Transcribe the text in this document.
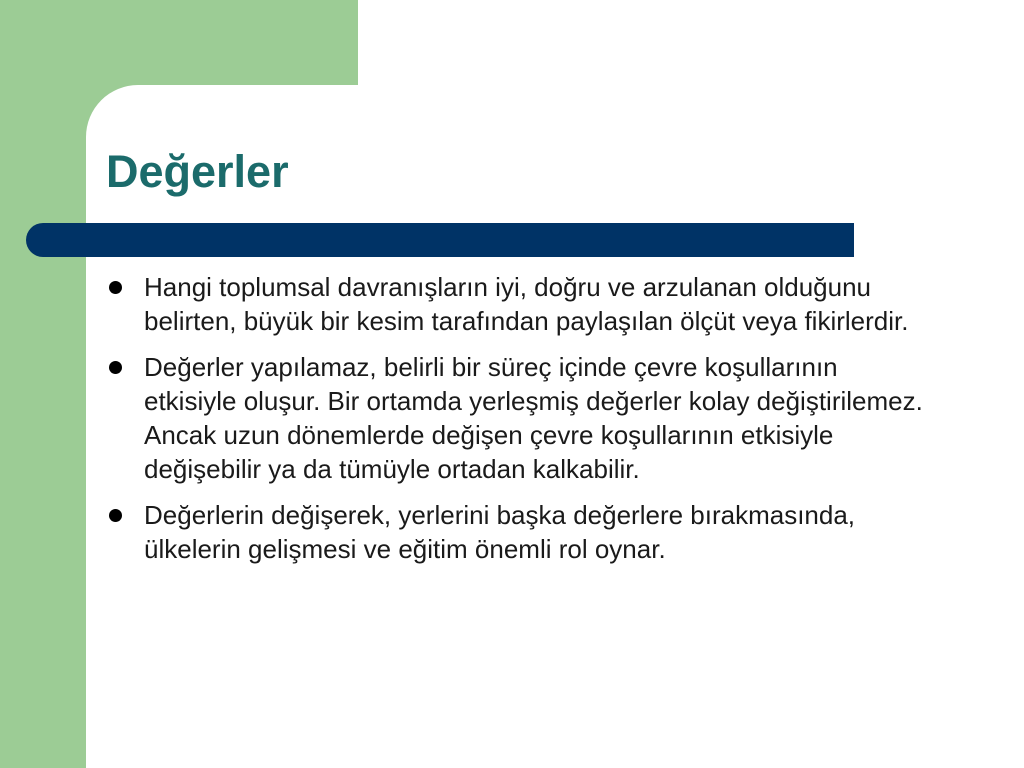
Değerler
Hangi toplumsal davranışların iyi, doğru ve arzulanan olduğunu belirten, büyük bir kesim tarafından paylaşılan ölçüt veya fikirlerdir.
Değerler yapılamaz, belirli bir süreç içinde çevre koşullarının etkisiyle oluşur. Bir ortamda yerleşmiş değerler kolay değiştirilemez. Ancak uzun dönemlerde değişen çevre koşullarının etkisiyle değişebilir ya da tümüyle ortadan kalkabilir.
Değerlerin değişerek, yerlerini başka değerlere bırakmasında, ülkelerin gelişmesi ve eğitim önemli rol oynar.
